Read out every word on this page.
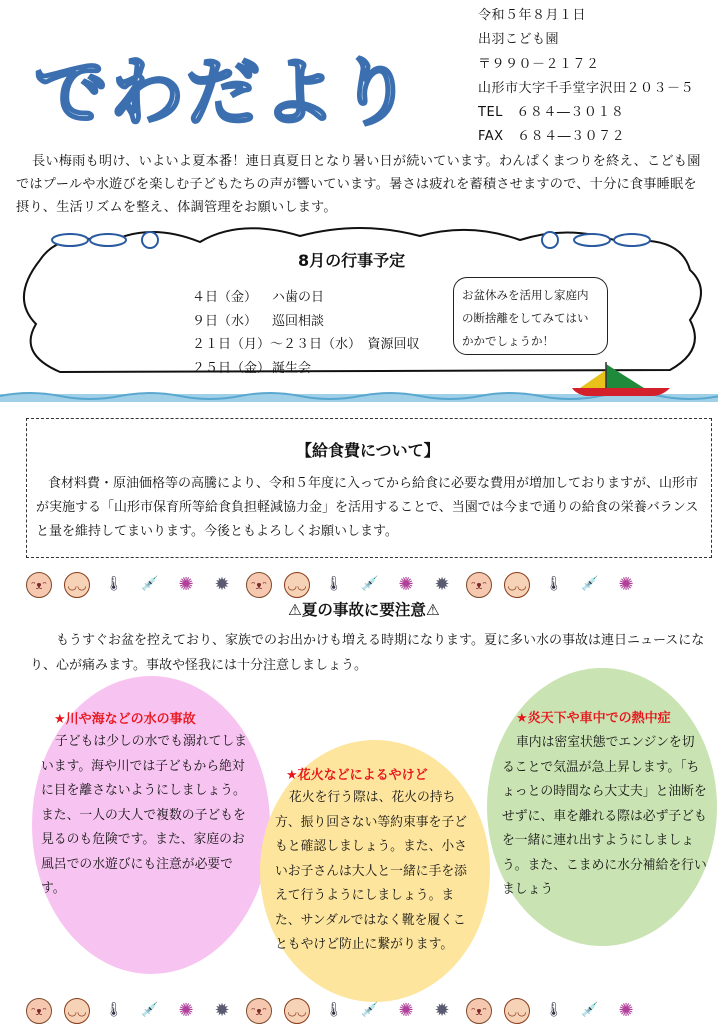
でわだより
令和５年８月１日
出羽こども園
〒９９０－２１７２
山形市大字千手堂字沢田２０３－５
TEL　６８４―３０１８
FAX　６８４―３０７２
長い梅雨も明け、いよいよ夏本番！連日真夏日となり暑い日が続いています。わんぱくまつりを終え、こども園ではプールや水遊びを楽しむ子どもたちの声が響いています。暑さは疲れを蓄積させますので、十分に食事睡眠を摂り、生活リズムを整え、体調管理をお願いします。
8月の行事予定
４日（金） ハ歯の日
９日（水） 巡回相談
２１日（月）～２３日（水）　 資源回収
２５日（金） 誕生会
お盆休みを活用し家庭内
の断捨離をしてみてはい
かかでしょうか！
【給食費について】
食材料費・原油価格等の高騰により、令和５年度に入ってから給食に必要な費用が増加しておりますが、山形市が実施する「山形市保育所等給食負担軽減協力金」を活用することで、当園では今まで通りの給食の栄養バランスと量を維持してまいります。今後ともよろしくお願いします。
ᵔᴥᵔ	◡◡ 🌡 💉 ✺ ✹	ᵔᴥᵔ	◡◡ 🌡 💉 ✺ ✹	ᵔᴥᵔ	◡◡ 🌡 💉 ✺
⚠夏の事故に要注意⚠
もうすぐお盆を控えており、家族でのお出かけも増える時期になります。夏に多い水の事故は連日ニュースになり、心が痛みます。事故や怪我には十分注意しましょう。
★川や海などの水の事故
子どもは少しの水でも溺れてしまいます。海や川では子どもから絶対に目を離さないようにしましょう。また、一人の大人で複数の子どもを見るのも危険です。また、家庭のお風呂での水遊びにも注意が必要です。
★花火などによるやけど
花火を行う際は、花火の持ち方、振り回さない等約束事を子どもと確認しましょう。また、小さいお子さんは大人と一緒に手を添えて行うようにしましょう。また、サンダルではなく靴を履くこともやけど防止に繋がります。
★炎天下や車中での熱中症
車内は密室状態でエンジンを切ることで気温が急上昇します。「ちょっとの時間なら大丈夫」と油断をせずに、車を離れる際は必ず子どもを一緒に連れ出すようにしましょう。また、こまめに水分補給を行いましょう
ᵔᴥᵔ	◡◡ 🌡 💉 ✺ ✹	ᵔᴥᵔ	◡◡ 🌡 💉 ✺ ✹	ᵔᴥᵔ	◡◡ 🌡 💉 ✺
